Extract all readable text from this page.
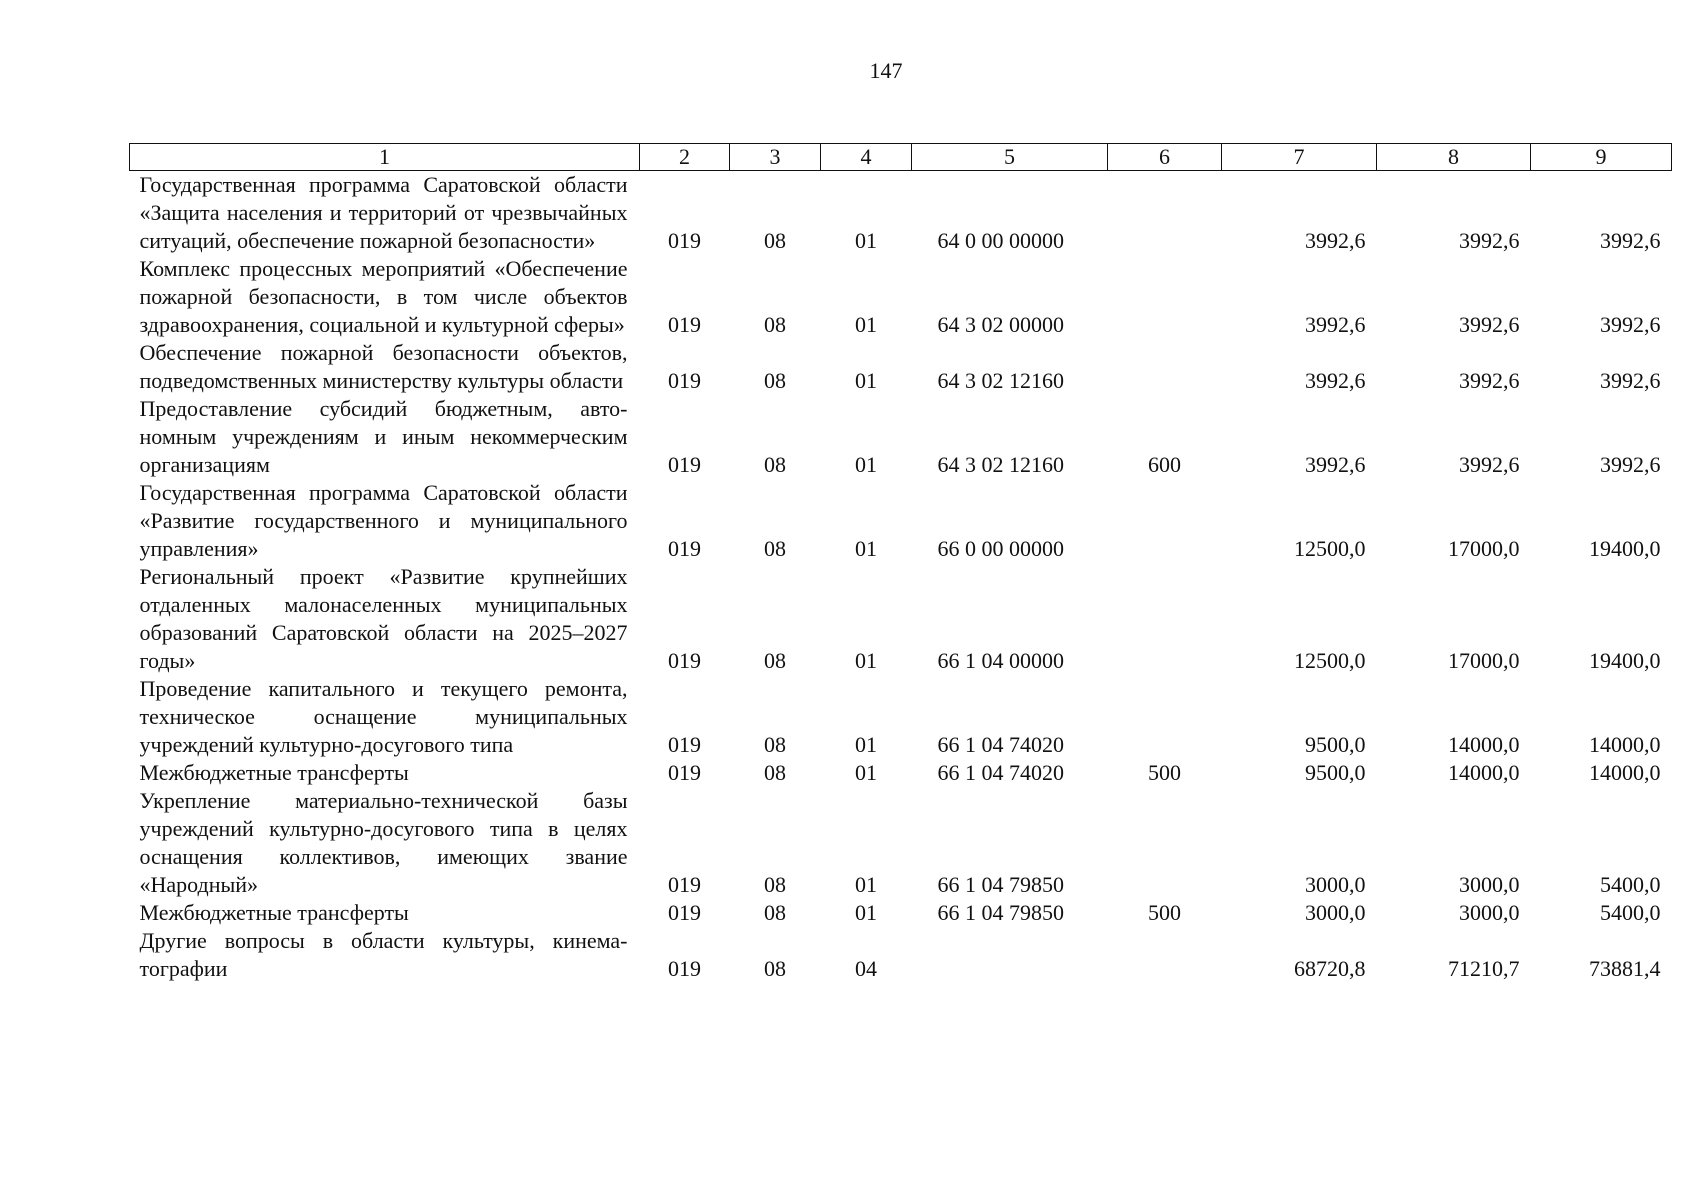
147
1	2	3	4	5	6	7	8	9
Государственная программа Саратовской области «Защита населения и территорий от чрезвычайных ситуаций, обеспечение пожарной безопасности»	019	08	01	64 0 00 00000		3992,6	3992,6	3992,6
Комплекс процессных мероприятий «Обеспечение пожарной безопасности, в том числе объектов здравоохранения, социальной и культурной сферы»	019	08	01	64 3 02 00000		3992,6	3992,6	3992,6
Обеспечение пожарной безопасности объектов, подведомственных министерству культуры области	019	08	01	64 3 02 12160		3992,6	3992,6	3992,6
Предоставление субсидий бюджетным, автономным учреждениям и иным некоммерческим организациям	019	08	01	64 3 02 12160	600	3992,6	3992,6	3992,6
Государственная программа Саратовской области «Развитие государственного и муниципального управления»	019	08	01	66 0 00 00000		12500,0	17000,0	19400,0
Региональный проект «Развитие крупнейших отдаленных малонаселенных муниципальных образований Саратовской области на 2025–2027 годы»	019	08	01	66 1 04 00000		12500,0	17000,0	19400,0
Проведение капитального и текущего ремонта, техническое оснащение муниципальных учреждений культурно-досугового типа	019	08	01	66 1 04 74020		9500,0	14000,0	14000,0
Межбюджетные трансферты	019	08	01	66 1 04 74020	500	9500,0	14000,0	14000,0
Укрепление материально-технической базы учреждений культурно-досугового типа в целях оснащения коллективов, имеющих звание «Народный»	019	08	01	66 1 04 79850		3000,0	3000,0	5400,0
Межбюджетные трансферты	019	08	01	66 1 04 79850	500	3000,0	3000,0	5400,0
Другие вопросы в области культуры, кинематографии	019	08	04			68720,8	71210,7	73881,4
